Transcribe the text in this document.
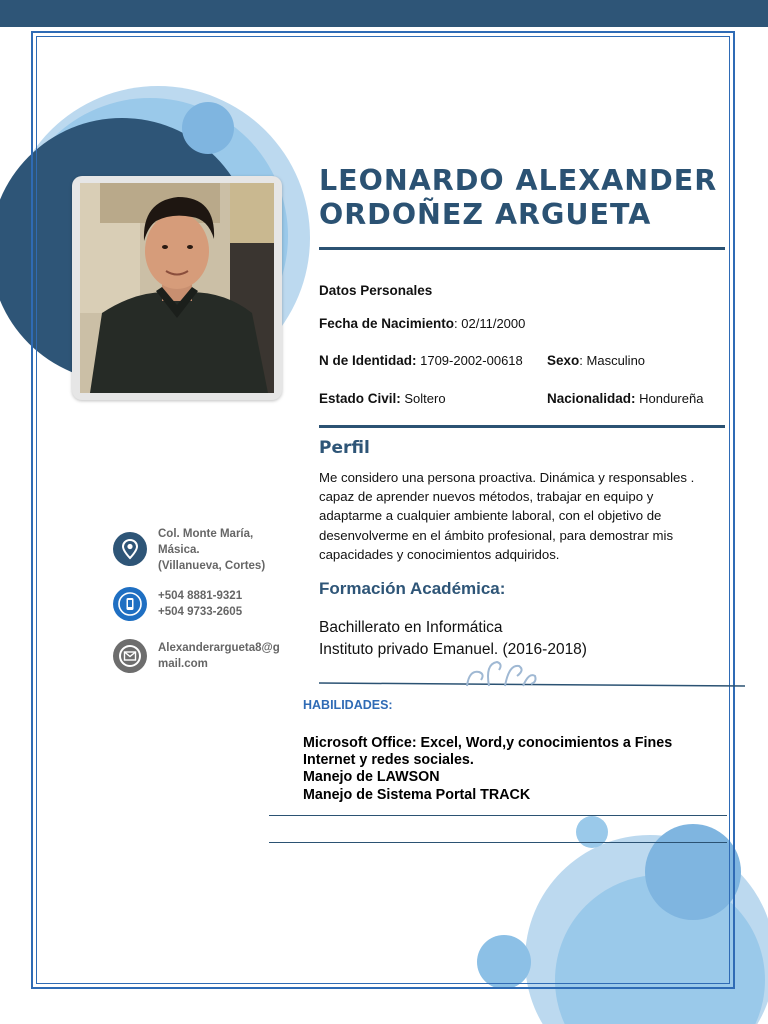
LEONARDO ALEXANDER
ORDOÑEZ ARGUETA
Datos Personales
Fecha de Nacimiento: 02/11/2000
N de Identidad: 1709-2002-00618 Sexo: Masculino
Estado Civil: Soltero	Nacionalidad: Hondureña
Perfil

Me considero una persona proactiva. Dinámica y responsables . capaz de aprender nuevos métodos, trabajar en equipo y adaptarme a cualquier ambiente laboral, con el objetivo de desenvolverme en el ámbito profesional, para demostrar mis capacidades y conocimientos adquiridos.

Formación Académica:
Bachillerato en Informática
Instituto privado Emanuel. (2016-2018)
HABILIDADES:
Microsoft Office: Excel, Word,y conocimientos a Fines
Internet y redes sociales.
Manejo de LAWSON
Manejo de Sistema Portal TRACK
Col. Monte María,
Másica.
(Villanueva, Cortes)
+504 8881-9321
+504 9733-2605
Alexanderargueta8@g
mail.com
